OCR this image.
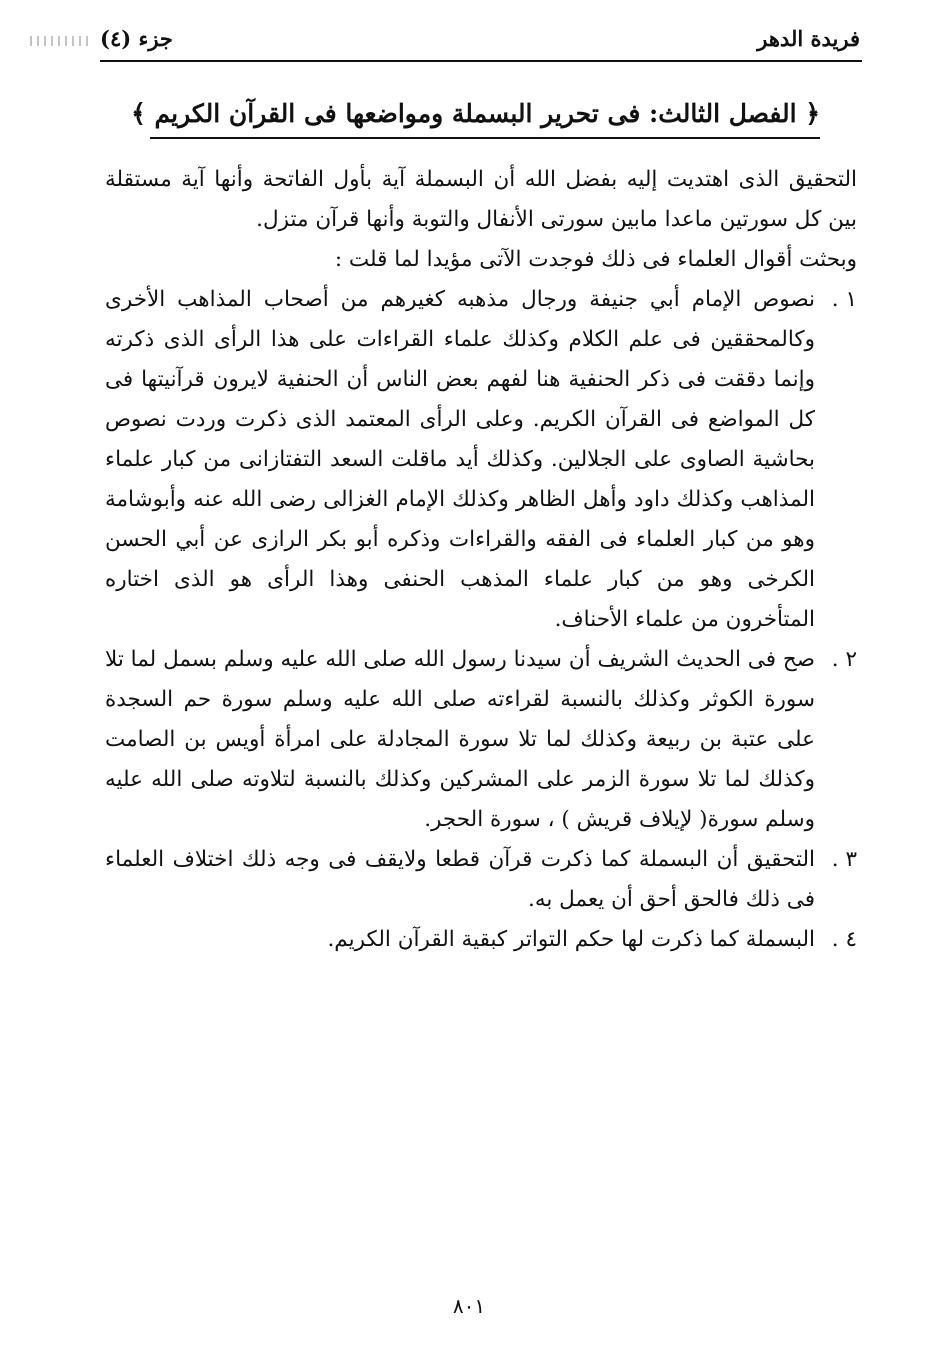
فريدة الدهر
جزء (٤)
﴿ الفصل الثالث: فى تحرير البسملة ومواضعها فى القرآن الكريم ﴾

التحقيق الذى اهتديت إليه بفضل الله أن البسملة آية بأول الفاتحة وأنها آية مستقلة بين كل سورتين ماعدا مابين سورتى الأنفال والتوبة وأنها قرآن متزل.

وبحثت أقوال العلماء فى ذلك فوجدت الآتى مؤيدا لما قلت :

١ .
نصوص الإمام أبي جنيفة ورجال مذهبه كغيرهم من أصحاب المذاهب الأخرى وكالمحققين فى علم الكلام وكذلك علماء القراءات على هذا الرأى الذى ذكرته وإنما دققت فى ذكر الحنفية هنا لفهم بعض الناس أن الحنفية لايرون قرآنيتها فى كل المواضع فى القرآن الكريم. وعلى الرأى المعتمد الذى ذكرت وردت نصوص بحاشية الصاوى على الجلالين. وكذلك أيد ماقلت السعد التفتازانى من كبار علماء المذاهب وكذلك داود وأهل الظاهر وكذلك الإمام الغزالى رضى الله عنه وأبوشامة وهو من كبار العلماء فى الفقه والقراءات وذكره أبو بكر الرازى عن أبي الحسن الكرخى وهو من كبار علماء المذهب الحنفى وهذا الرأى هو الذى اختاره المتأخرون من علماء الأحناف.
٢ .
صح فى الحديث الشريف أن سيدنا رسول الله صلى الله عليه وسلم بسمل لما تلا سورة الكوثر وكذلك بالنسبة لقراءته صلى الله عليه وسلم سورة حم السجدة على عتبة بن ربيعة وكذلك لما تلا سورة المجادلة على امرأة أويس بن الصامت وكذلك لما تلا سورة الزمر على المشركين وكذلك بالنسبة لتلاوته صلى الله عليه وسلم سورة( لإيلاف قريش ) ، سورة الحجر.
٣ .
التحقيق أن البسملة كما ذكرت قرآن قطعا ولايقف فى وجه ذلك اختلاف العلماء فى ذلك فالحق أحق أن يعمل به.
٤ .
البسملة كما ذكرت لها حكم التواتر كبقية القرآن الكريم.
٨٠١
